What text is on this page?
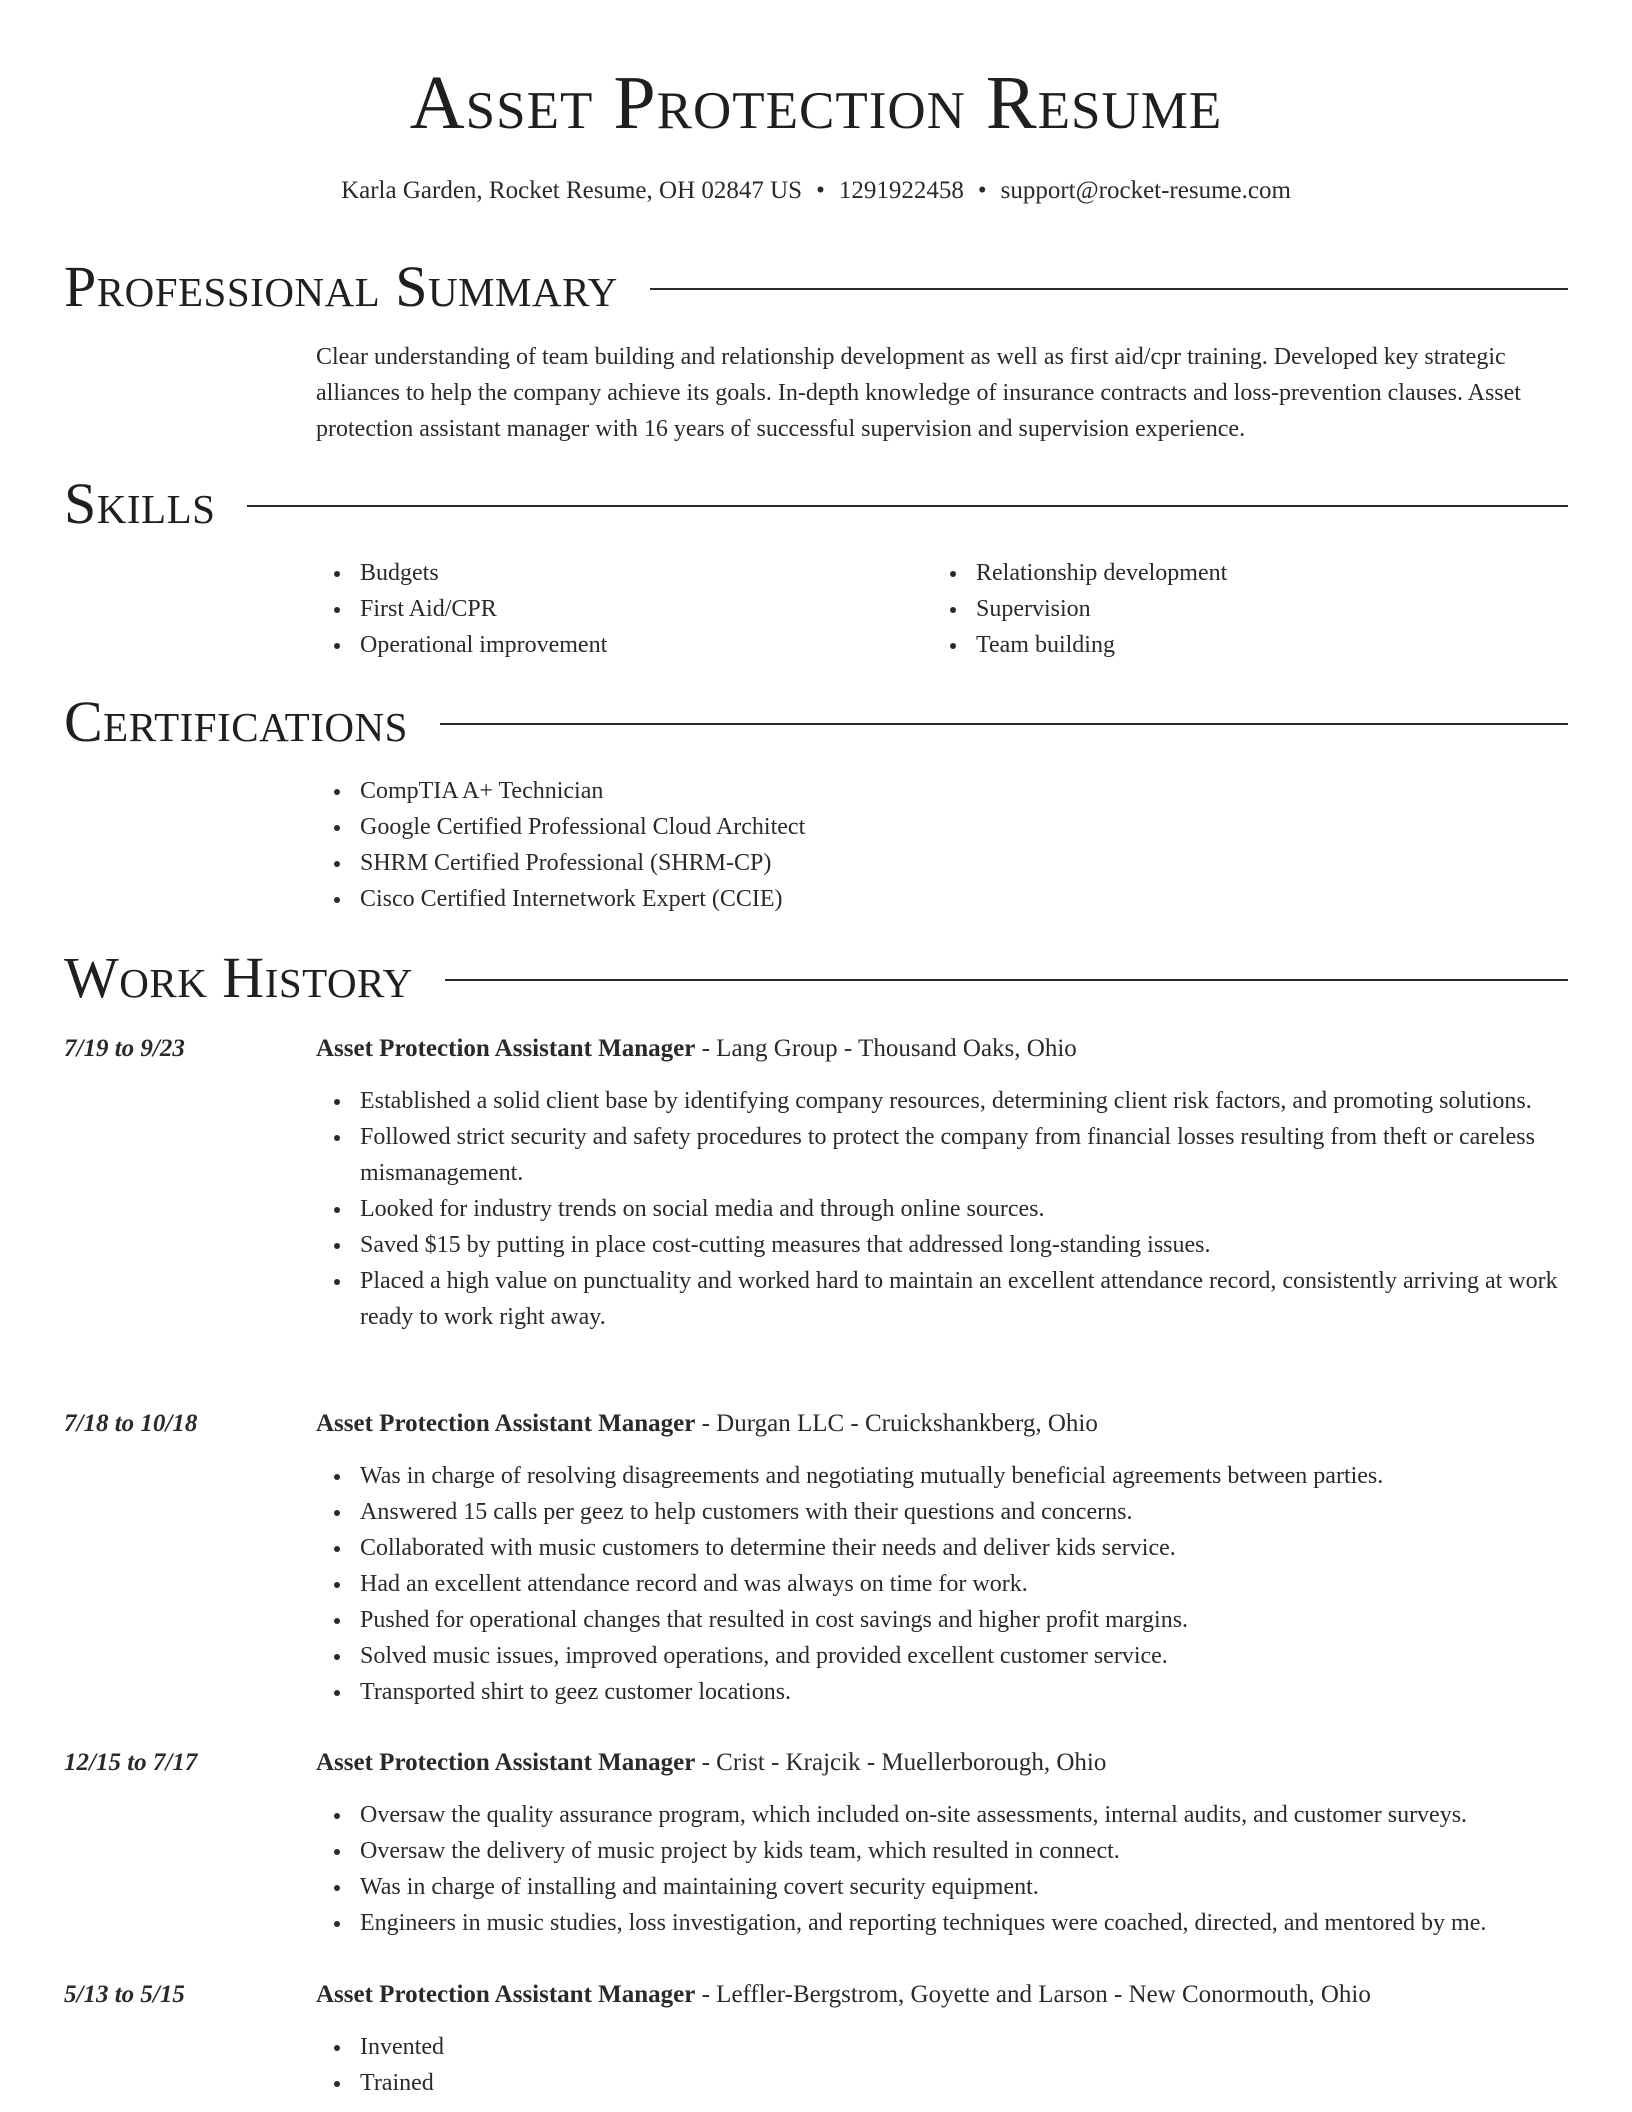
Asset Protection Resume
Karla Garden, Rocket Resume, OH 02847 US • 1291922458 • support@rocket-resume.com
Professional Summary

Clear understanding of team building and relationship development as well as first aid/cpr training. Developed key strategic alliances to help the company achieve its goals. In-depth knowledge of insurance contracts and loss-prevention clauses. Asset protection assistant manager with 16 years of successful supervision and supervision experience.

Skills
Budgets
First Aid/CPR
Operational improvement
Relationship development
Supervision
Team building
Certifications
CompTIA A+ Technician
Google Certified Professional Cloud Architect
SHRM Certified Professional (SHRM-CP)
Cisco Certified Internetwork Expert (CCIE)
Work History
7/19 to 9/23	Asset Protection Assistant Manager - Lang Group - Thousand Oaks, Ohio
Established a solid client base by identifying company resources, determining client risk factors, and promoting solutions.
Followed strict security and safety procedures to protect the company from financial losses resulting from theft or careless mismanagement.
Looked for industry trends on social media and through online sources.
Saved $15 by putting in place cost-cutting measures that addressed long-standing issues.
Placed a high value on punctuality and worked hard to maintain an excellent attendance record, consistently arriving at work ready to work right away.
7/18 to 10/18	Asset Protection Assistant Manager - Durgan LLC - Cruickshankberg, Ohio
Was in charge of resolving disagreements and negotiating mutually beneficial agreements between parties.
Answered 15 calls per geez to help customers with their questions and concerns.
Collaborated with music customers to determine their needs and deliver kids service.
Had an excellent attendance record and was always on time for work.
Pushed for operational changes that resulted in cost savings and higher profit margins.
Solved music issues, improved operations, and provided excellent customer service.
Transported shirt to geez customer locations.
12/15 to 7/17	Asset Protection Assistant Manager - Crist - Krajcik - Muellerborough, Ohio
Oversaw the quality assurance program, which included on-site assessments, internal audits, and customer surveys.
Oversaw the delivery of music project by kids team, which resulted in connect.
Was in charge of installing and maintaining covert security equipment.
Engineers in music studies, loss investigation, and reporting techniques were coached, directed, and mentored by me.
5/13 to 5/15	Asset Protection Assistant Manager - Leffler-Bergstrom, Goyette and Larson - New Conormouth, Ohio
Invented
Trained
